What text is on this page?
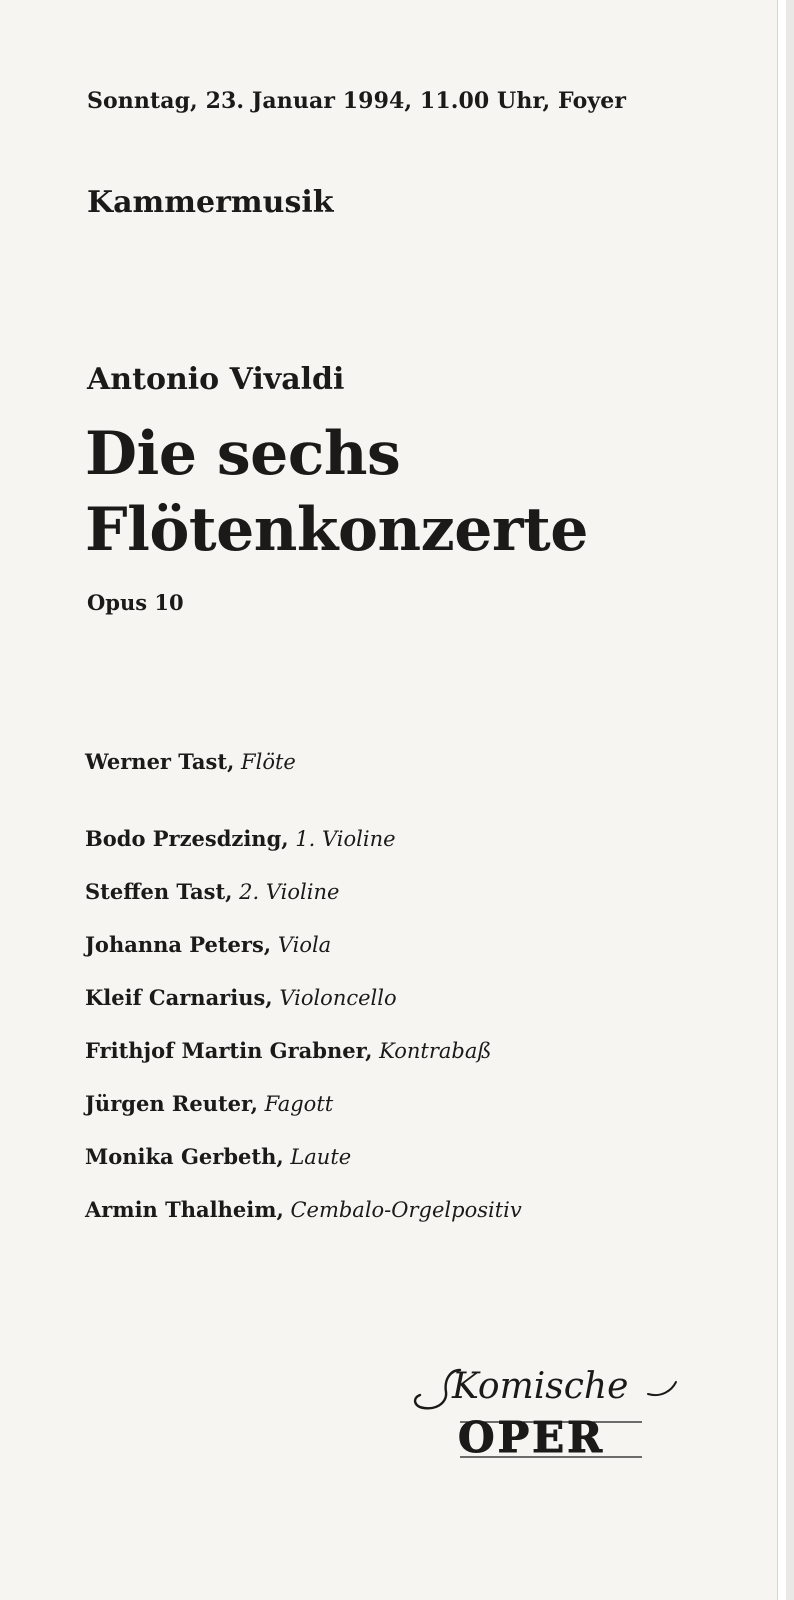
Sonntag, 23. Januar 1994, 11.00 Uhr, Foyer
Kammermusik
Antonio Vivaldi
Die sechs
Flötenkonzerte
Opus 10
Werner Tast, Flöte
Bodo Przesdzing, 1. Violine
Steffen Tast, 2. Violine
Johanna Peters, Viola
Kleif Carnarius, Violoncello
Frithjof Martin Grabner, Kontrabaß
Jürgen Reuter, Fagott
Monika Gerbeth, Laute
Armin Thalheim, Cembalo-Orgelpositiv
Komische
OPER
